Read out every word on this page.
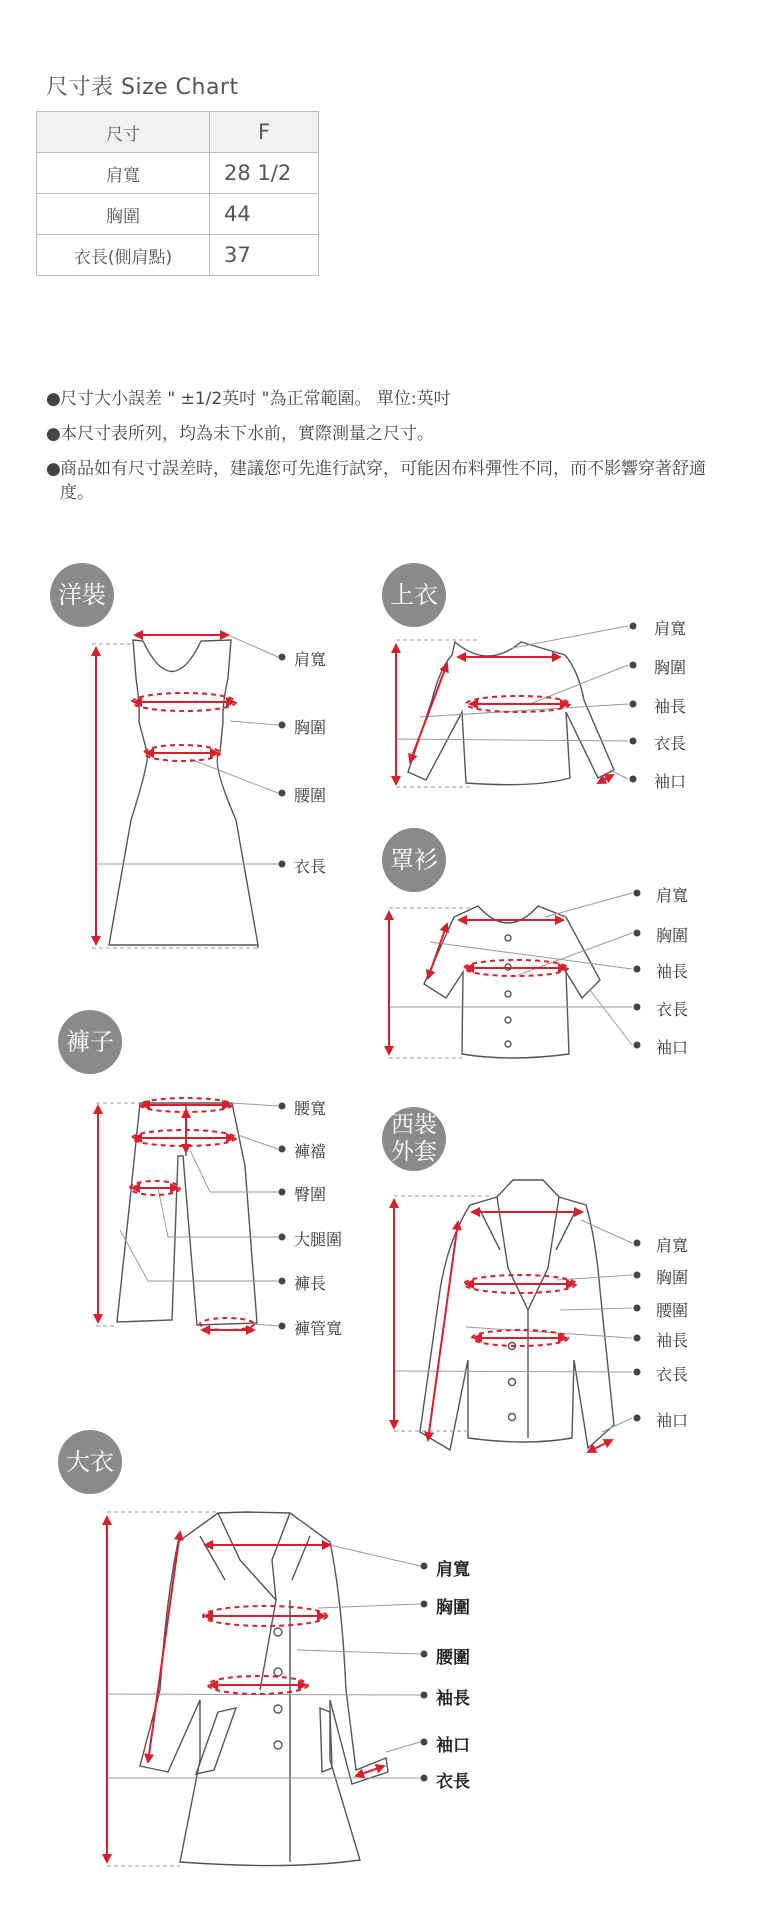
尺寸表 Size Chart
尺寸	F
肩寬	28 1/2
胸圍	44
衣長(側肩點)	37
● 尺寸大小誤差 " ±1/2英吋 "為正常範圍。 單位:英吋
● 本尺寸表所列，均為未下水前，實際測量之尺寸。
● 商品如有尺寸誤差時，建議您可先進行試穿，可能因布料彈性不同，而不影響穿著舒適度。
洋裝	上衣
罩衫
褲子
西裝
外套
大衣
肩寬
胸圍
腰圍
衣長
肩寬
胸圍
袖長
衣長
袖口
肩寬
胸圍
袖長
衣長
袖口
腰寬
褲襠
臀圍
大腿圍
褲長
褲管寬
肩寬
胸圍
腰圍
袖長
衣長
袖口
肩寬
胸圍
腰圍
袖長
袖口
衣長
